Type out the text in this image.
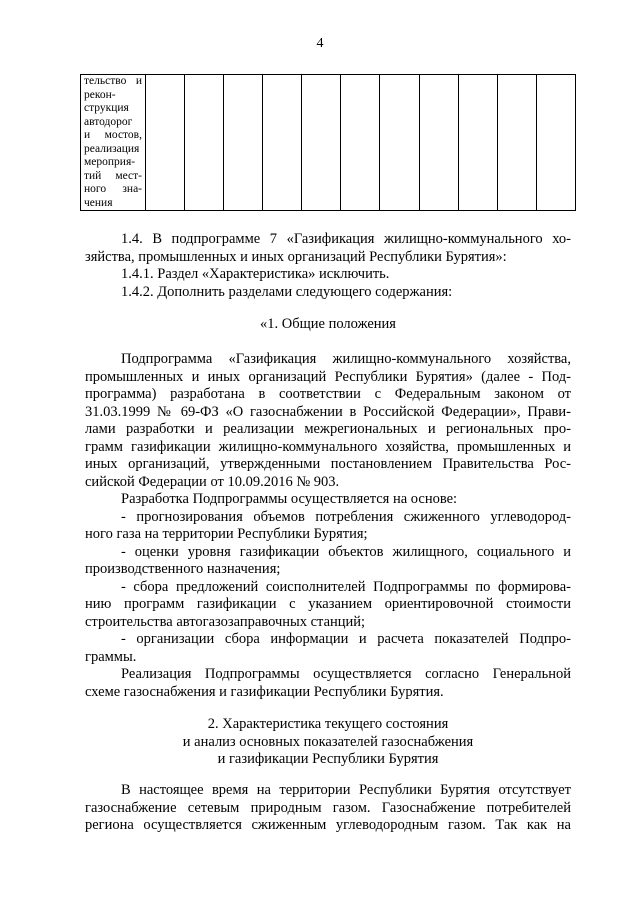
4
тельство и
рекон-
струкция
автодорог
и мостов,
реализация
мероприя-
тий мест-
ного зна-
чения

1.4. В подпрограмме 7 «Газификация жилищно-коммунального хо-
зяйства, промышленных и иных организаций Республики Бурятия»:
1.4.1. Раздел «Характеристика» исключить.
1.4.2. Дополнить разделами следующего содержания:
«1. Общие положения
Подпрограмма «Газификация жилищно-коммунального хозяйства,
промышленных и иных организаций Республики Бурятия» (далее - Под-
программа) разработана в соответствии с Федеральным законом от
31.03.1999 № 69-ФЗ «О газоснабжении в Российской Федерации», Прави-
лами разработки и реализации межрегиональных и региональных про-
грамм газификации жилищно-коммунального хозяйства, промышленных и
иных организаций, утвержденными постановлением Правительства Рос-
сийской Федерации от 10.09.2016 № 903.
Разработка Подпрограммы осуществляется на основе:
- прогнозирования объемов потребления сжиженного углеводород-
ного газа на территории Республики Бурятия;
- оценки уровня газификации объектов жилищного, социального и
производственного назначения;
- сбора предложений соисполнителей Подпрограммы по формирова-
нию программ газификации с указанием ориентировочной стоимости
строительства автогазозаправочных станций;
- организации сбора информации и расчета показателей Подпро-
граммы.
Реализация Подпрограммы осуществляется согласно Генеральной
схеме газоснабжения и газификации Республики Бурятия.
2. Характеристика текущего состояния
и анализ основных показателей газоснабжения
и газификации Республики Бурятия
В настоящее время на территории Республики Бурятия отсутствует
газоснабжение сетевым природным газом. Газоснабжение потребителей
региона осуществляется сжиженным углеводородным газом. Так как на
